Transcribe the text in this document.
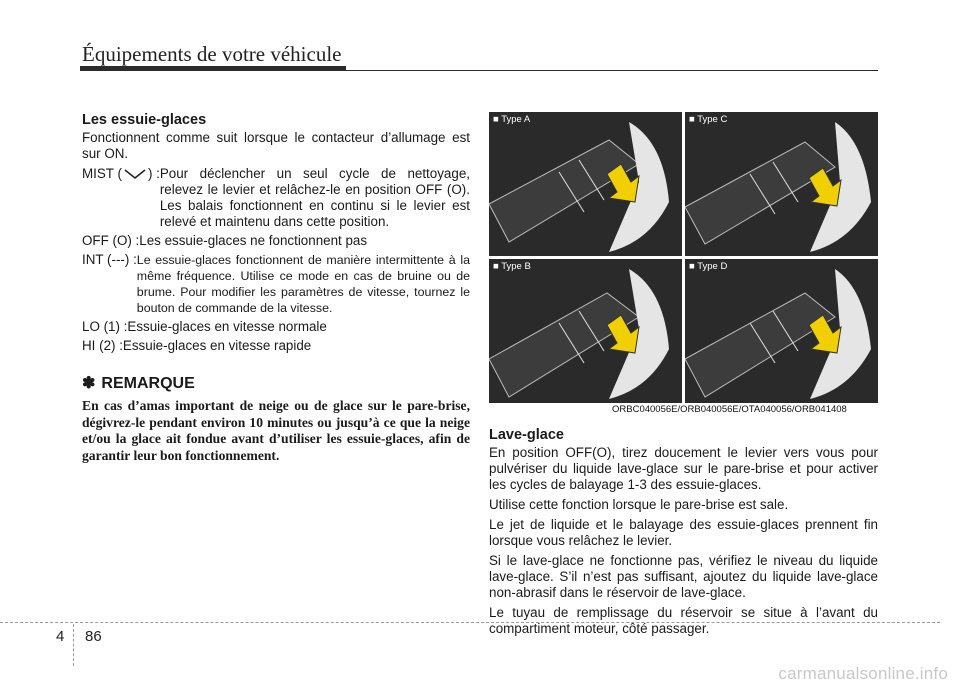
Équipements de votre véhicule
Les essuie-glaces

Fonctionnent comme suit lorsque le contacteur d’allumage est sur ON.

MIST ( ) : Pour déclencher un seul cycle de nettoyage, relevez le levier et relâchez-le en position OFF (O). Les balais fonctionnent en continu si le levier est relevé et maintenu dans cette position.
OFF (O) : Les essuie-glaces ne fonctionnent pas
INT (---) : Le essuie-glaces fonctionnent de manière intermittente à la même fréquence. Utilise ce mode en cas de bruine ou de brume. Pour modifier les paramètres de vitesse, tournez le bouton de commande de la vitesse.
LO (1) : Essuie-glaces en vitesse normale
HI (2) : Essuie-glaces en vitesse rapide
✽ REMARQUE

En cas d’amas important de neige ou de glace sur le pare-brise, dégivrez-le pendant environ 10 minutes ou jusqu’à ce que la neige et/ou la glace ait fondue avant d’utiliser les essuie-glaces, afin de garantir leur bon fonctionnement.

■ Type A	■ Type C
■ Type B	■ Type D
ORBC040056E/ORB040056E/OTA040056/ORB041408
Lave-glace

En position OFF(O), tirez doucement le levier vers vous pour pulvériser du liquide lave-glace sur le pare-brise et pour activer les cycles de balayage 1-3 des essuie-glaces.

Utilise cette fonction lorsque le pare-brise est sale.

Le jet de liquide et le balayage des essuie-glaces prennent fin lorsque vous relâchez le levier.

Si le lave-glace ne fonctionne pas, vérifiez le niveau du liquide lave-glace. S’il n’est pas suffisant, ajoutez du liquide lave-glace non-abrasif dans le réservoir de lave-glace.

Le tuyau de remplissage du réservoir se situe à l’avant du compartiment moteur, côté passager.

4 86
carmanualsonline.info
